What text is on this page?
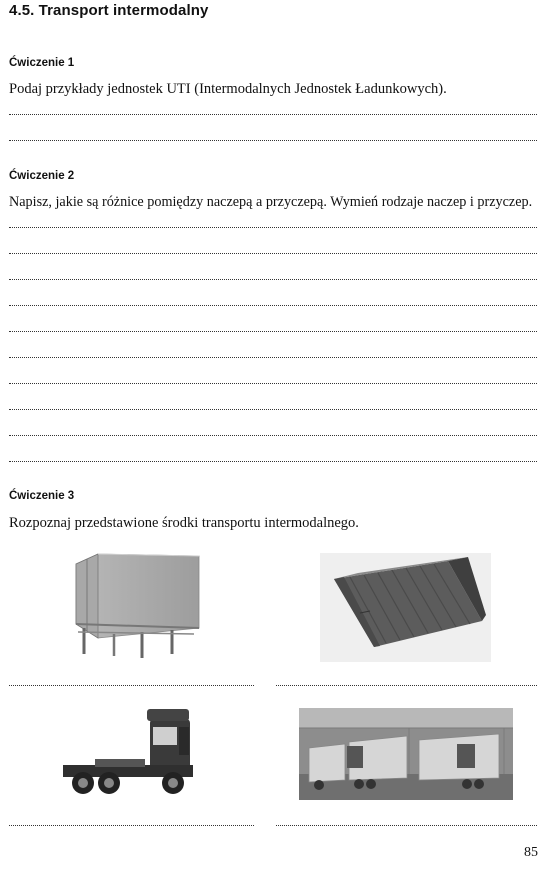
4.5. Transport intermodalny
Ćwiczenie 1
Podaj przykłady jednostek UTI (Intermodalnych Jednostek Ładunkowych).
Ćwiczenie 2
Napisz, jakie są różnice pomiędzy naczepą a przyczepą. Wymień rodzaje naczep i przyczep.
Ćwiczenie 3
Rozpoznaj przedstawione środki transportu intermodalnego.
85
